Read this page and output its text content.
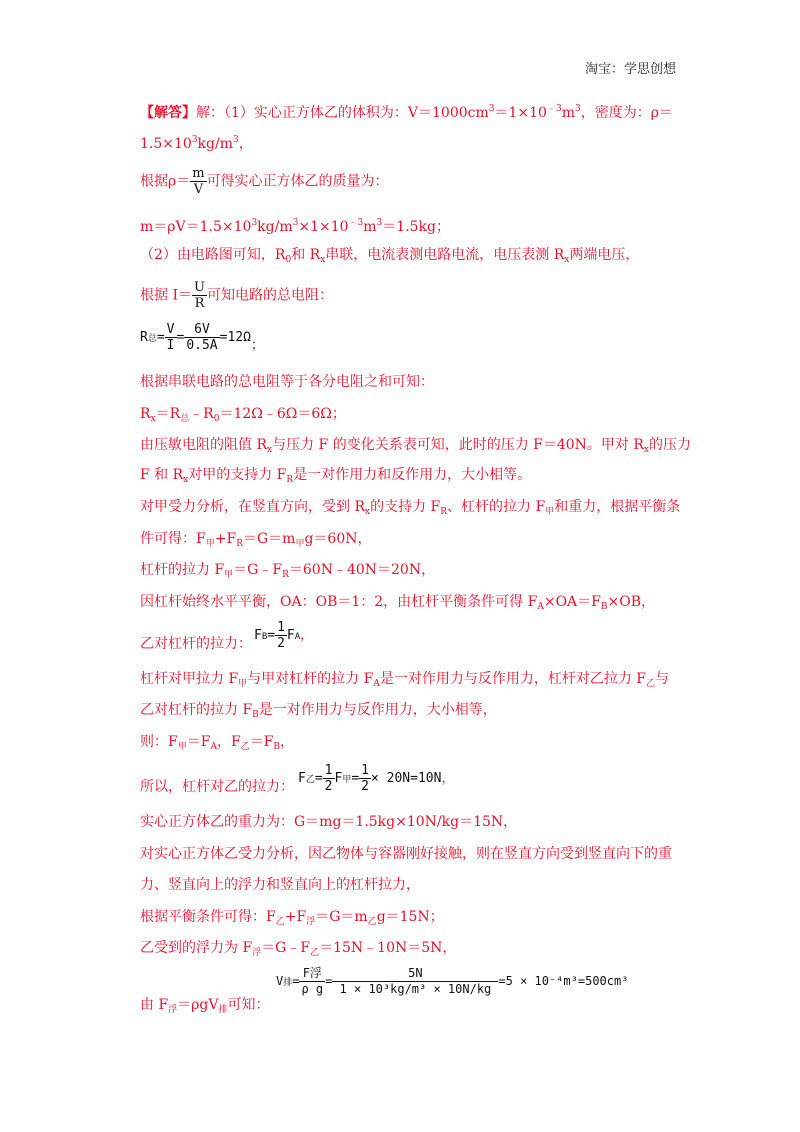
淘宝：学思创想
【解答】解：（1）实心正方体乙的体积为：$V=1000cm^3=1\times 10^{﹣3}m^3$，密度为：ρ＝
$1.5\times 10^3kg/m^3$，
根据$\rho= \frac{m}{V}$ 可得实心正方体乙的质量为：
$m=\rho V=1.5\times 10^3kg/m^3\times 1\times 10^{﹣3}m^3=1.5kg$；
（2）由电路图可知，$R_0$和 $R_x$串联，电流表测电路电流，电压表测 $R_x$两端电压，
根据 $I= \frac{U}{R}$ 可知电路的总电阻：
R总= $\frac{V}{I} = \frac{6V}{0.5A} =12\Omega$；
根据串联电路的总电阻等于各分电阻之和可知：
$R_x=R_总﹣R_0=12\Omega﹣6\Omega=6\Omega$；
由压敏电阻的阻值 $R_x$与压力 F 的变化关系表可知，此时的压力 F＝40N。甲对 $R_x$的压力
F 和 $R_x$对甲的支持力 $F_R$是一对作用力和反作用力，大小相等。
对甲受力分析，在竖直方向，受到 $R_x$的支持力 $F_R$、杠杆的拉力 $F_甲$和重力，根据平衡条
件可得：$F_甲+F_R=G=m_甲g=60N$，
杠杆的拉力 $F_甲=G﹣F_R=60N﹣40N=20N$，
因杠杆始终水平平衡，OA：OB＝1：2，由杠杆平衡条件可得 $F_A\times OA=F_B\times OB$，
乙对杠杆的拉力：
$FB= \frac{1}{2}$ FA，
杠杆对甲拉力 $F_甲$与甲对杠杆的拉力 $F_A$是一对作用力与反作用力，杠杆对乙拉力 $F_乙$与
乙对杠杆的拉力 $F_B$是一对作用力与反作用力，大小相等，
则：$F_甲=F_A$，$F_乙=F_B$，
所以，杠杆对乙的拉力：
F乙= $\frac{1}{2}$ F甲= $\frac{1}{2} \times 20N=10N$，
实心正方体乙的重力为：G＝mg＝1.5kg×10N/kg＝15N，
对实心正方体乙受力分析，因乙物体与容器刚好接触，则在竖直方向受到竖直向下的重
力、竖直向上的浮力和竖直向上的杠杆拉力，
根据平衡条件可得：$F_乙+F_浮=G=m_乙g=15N$；
乙受到的浮力为 $F_浮=G﹣F_乙=15N﹣10N=5N$，
由 $F_浮=\rho gV_排$可知：
V排= $\frac{\text{F浮}}{\text{ρ g}} = \frac{5N}{\text{1 × 10³kg/m³ × 10N/kg}} =5 \times 10^{-4}m^3=500cm^3$
